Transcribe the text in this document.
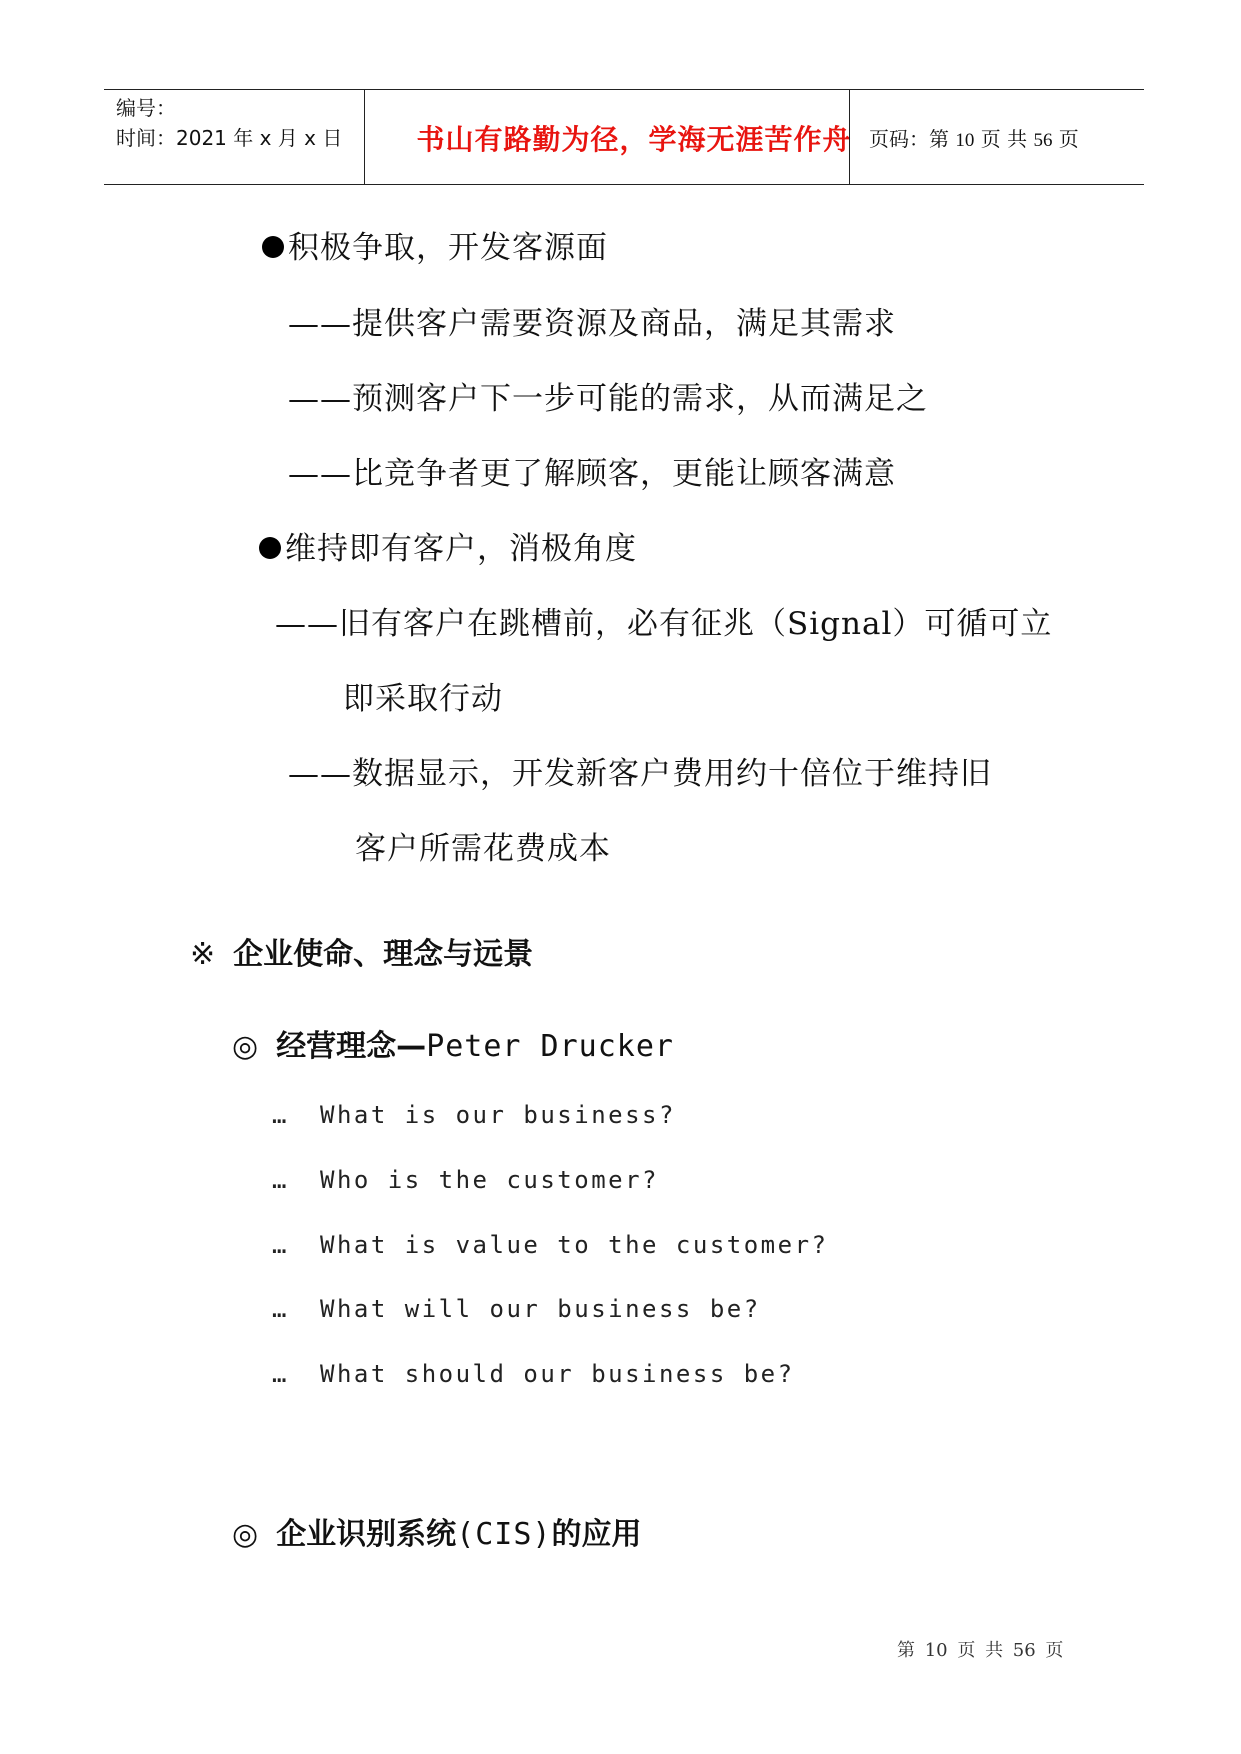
编号：
时间：2021 年 x 月 x 日	书山有路勤为径，学海无涯苦作舟 页码：第 10 页 共 56 页
积极争取，开发客源面
——提供客户需要资源及商品，满足其需求
——预测客户下一步可能的需求，从而满足之
——比竞争者更了解顾客，更能让顾客满意
维持即有客户，消极角度
——旧有客户在跳槽前，必有征兆（Signal）可循可立
即采取行动
——数据显示，开发新客户费用约十倍位于维持旧
客户所需花费成本
※ 企业使命、理念与远景
◎ 经营理念—Peter Drucker
… What is our business?
… Who is the customer?
… What is value to the customer?
… What will our business be?
… What should our business be?
◎ 企业识别系统(CIS)的应用
第 10 页 共 56 页
